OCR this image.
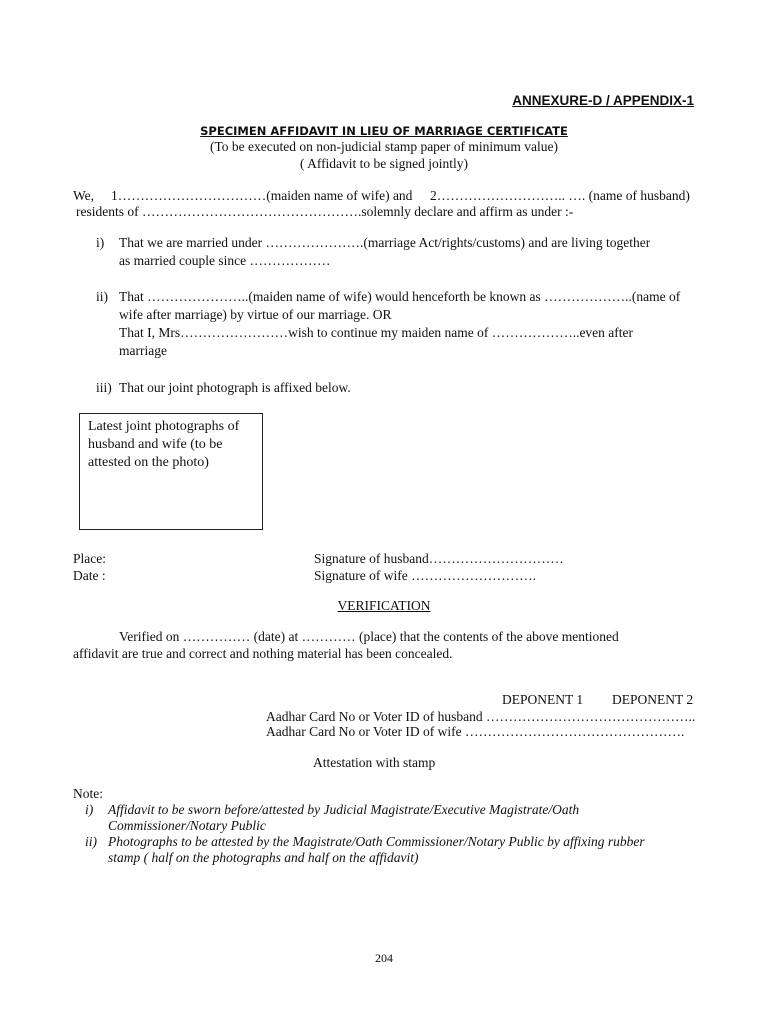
ANNEXURE-D / APPENDIX-1
SPECIMEN AFFIDAVIT IN LIEU OF MARRIAGE CERTIFICATE
(To be executed on non-judicial stamp paper of minimum value)
( Affidavit to be signed jointly)
We, 1……………………………(maiden name of wife) and 2……………………….. …. (name of husband)
residents of ………………………………………….solemnly declare and affirm as under :-
i) That we are married under ………………….(marriage Act/rights/customs) and are living together
as married couple since ………………
ii) That …………………..(maiden name of wife) would henceforth be known as ………………..(name of
wife after marriage) by virtue of our marriage. OR
That I, Mrs……………………wish to continue my maiden name of ………………..even after
marriage
iii) That our joint photograph is affixed below.
Latest joint photographs of husband and wife (to be attested on the photo)
Place:
Date :
Signature of husband…………………………
Signature of wife ……………………….
VERIFICATION
Verified on …………… (date) at ………… (place) that the contents of the above mentioned
affidavit are true and correct and nothing material has been concealed.
DEPONENT 1 DEPONENT 2
Aadhar Card No or Voter ID of husband ………………………………………..
Aadhar Card No or Voter ID of wife ………………………………………….
Attestation with stamp
Note:
i) Affidavit to be sworn before/attested by Judicial Magistrate/Executive Magistrate/Oath
Commissioner/Notary Public
ii) Photographs to be attested by the Magistrate/Oath Commissioner/Notary Public by affixing rubber
stamp ( half on the photographs and half on the affidavit)
204
